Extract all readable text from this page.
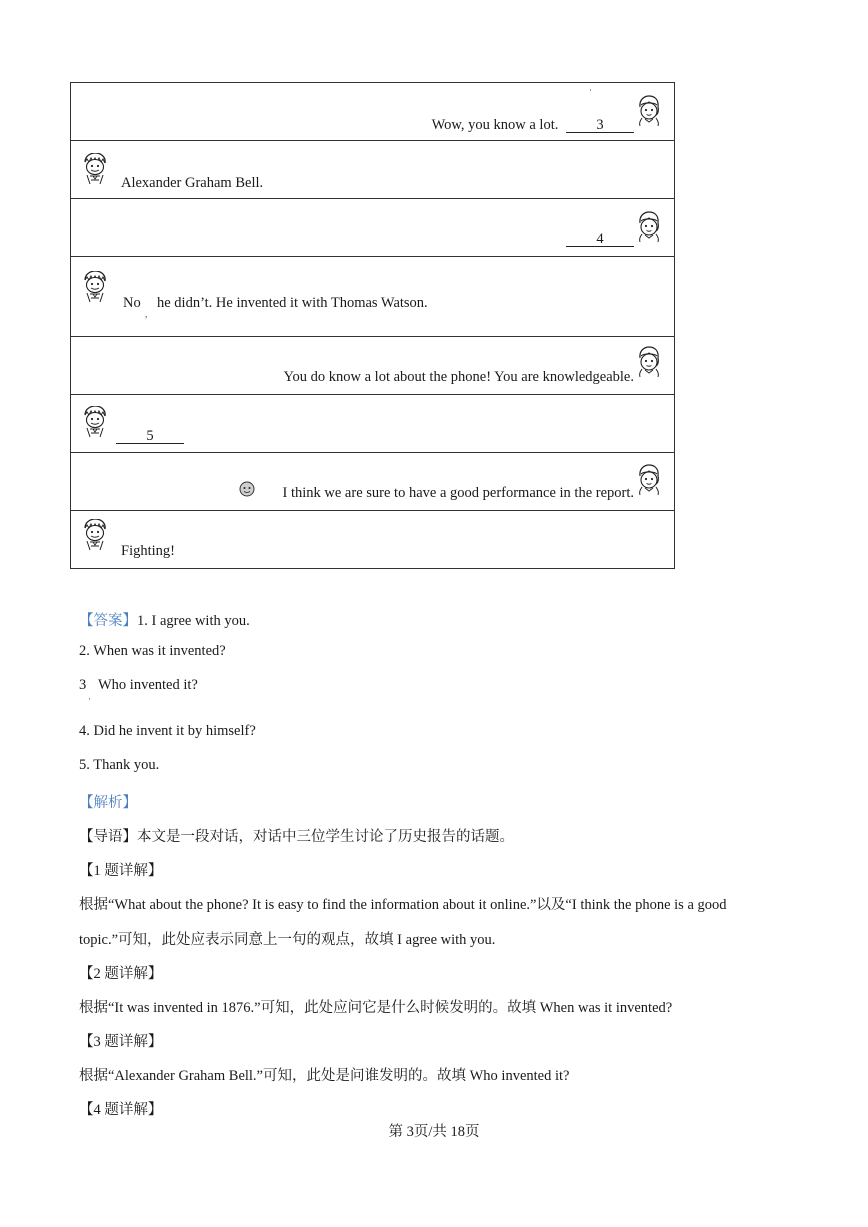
Wow, you know a lot.	3
·

Alexander Graham Bell.

4

No
,
he didn’t. He invented it with Thomas Watson.

You do know a lot about the phone! You are knowledgeable.

5

I think we are sure to have a good performance in the report.

Fighting!
【答案】1. I agree with you.
2. When was it invented?
3
·
Who invented it?
4. Did he invent it by himself?
5. Thank you.
【解析】
【导语】本文是一段对话，对话中三位学生讨论了历史报告的话题。
【1 题详解】
根据“What about the phone? It is easy to find the information about it online.”以及“I think the phone is a good
topic.”可知，此处应表示同意上一句的观点，故填 I agree with you.
【2 题详解】
根据“It was invented in 1876.”可知，此处应问它是什么时候发明的。故填 When was it invented?
【3 题详解】
根据“Alexander Graham Bell.”可知，此处是问谁发明的。故填 Who invented it?
【4 题详解】
第 3页/共 18页
